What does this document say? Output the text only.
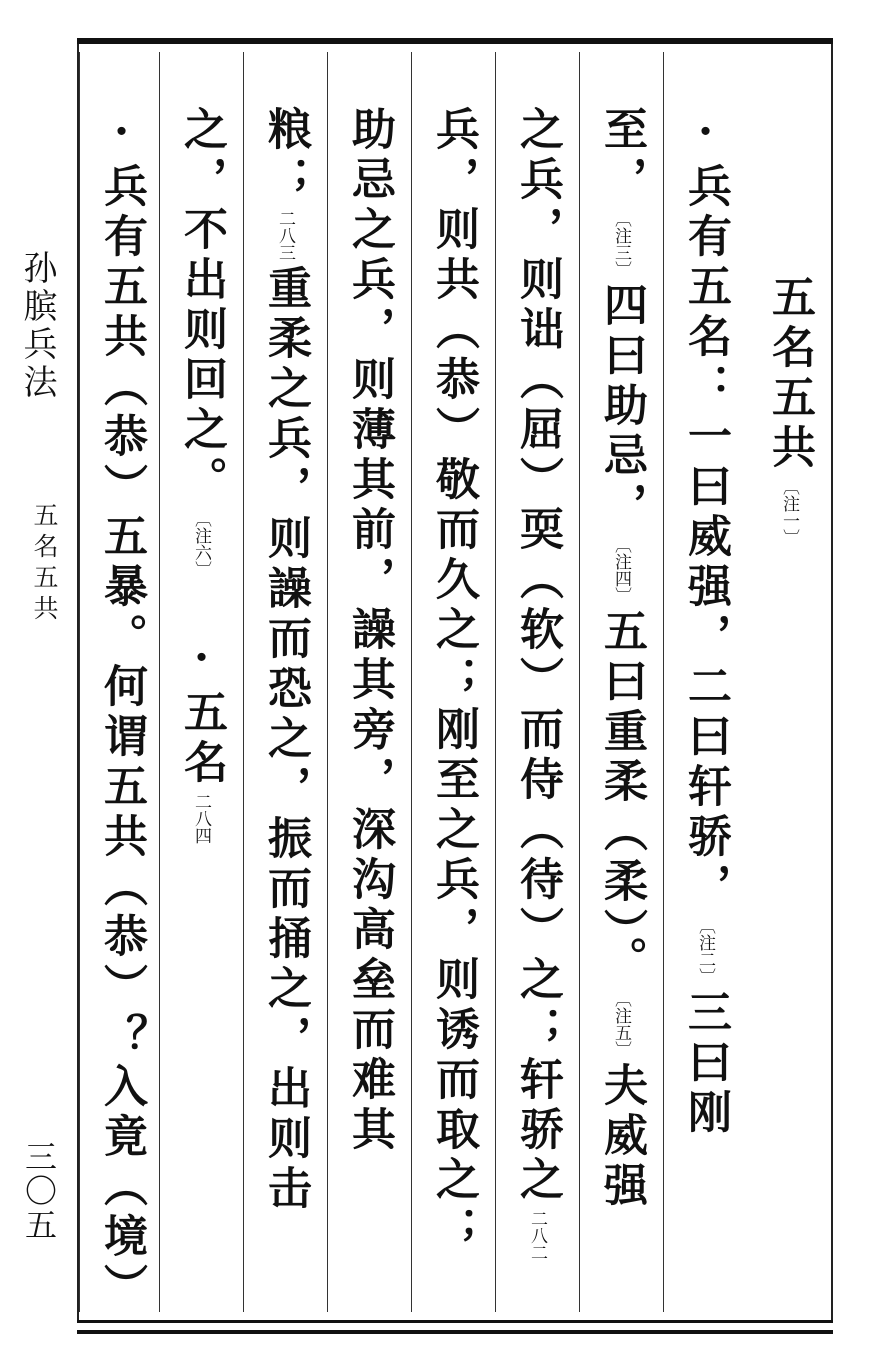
孙膑兵法
五名五共
三〇五
五名五共〔注一〕
·兵有五名：一曰威强，二曰轩骄，〔注二〕三曰刚
至，〔注三〕四曰助忌，〔注四〕五曰重柔（柔）。〔注五〕夫威强
之兵，则诎（屈）耎（软）而侍（待）之；轩骄之二八二
兵，则共（恭）敬而久之；刚至之兵，则诱而取之；
助忌之兵，则薄其前，譟其旁，深沟高垒而难其
粮；二八三重柔之兵，则譟而恐之，振而捅之，出则击
之，不出则回之。〔注六〕　·五名二八四
·兵有五共（恭）五暴。何谓五共（恭）？入竟（境）
